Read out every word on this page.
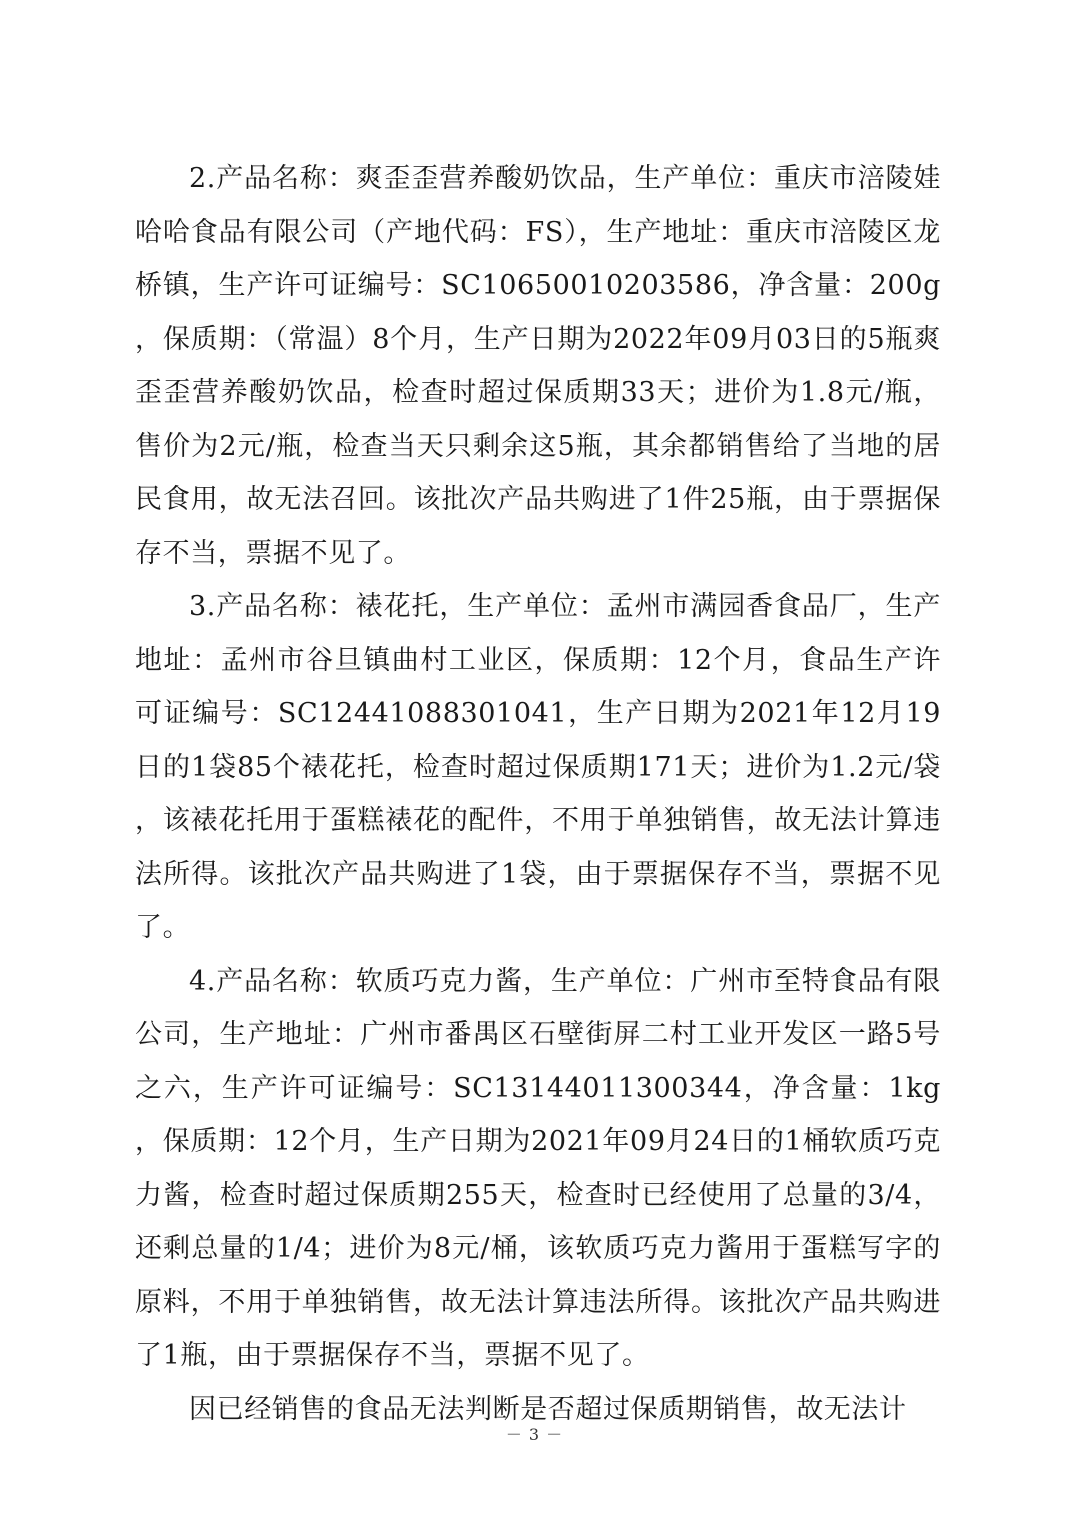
2.产品名称：爽歪歪营养酸奶饮品，生产单位：重庆市涪陵娃哈哈食品有限公司（产地代码：FS），生产地址：重庆市涪陵区龙桥镇，生产许可证编号：SC10650010203586，净含量：200g，保质期：（常温）8个月，生产日期为2022年09月03日的5瓶爽歪歪营养酸奶饮品，检查时超过保质期33天；进价为1.8元/瓶，售价为2元/瓶，检查当天只剩余这5瓶，其余都销售给了当地的居民食用，故无法召回。该批次产品共购进了1件25瓶，由于票据保存不当，票据不见了。

3.产品名称：裱花托，生产单位：孟州市满园香食品厂，生产地址：孟州市谷旦镇曲村工业区，保质期：12个月，食品生产许可证编号：SC12441088301041，生产日期为2021年12月19日的1袋85个裱花托，检查时超过保质期171天；进价为1.2元/袋，该裱花托用于蛋糕裱花的配件，不用于单独销售，故无法计算违法所得。该批次产品共购进了1袋，由于票据保存不当，票据不见了。

4.产品名称：软质巧克力酱，生产单位：广州市至特食品有限公司，生产地址：广州市番禺区石壁街屏二村工业开发区一路5号之六，生产许可证编号：SC13144011300344，净含量：1kg，保质期：12个月，生产日期为2021年09月24日的1桶软质巧克力酱，检查时超过保质期255天，检查时已经使用了总量的3/4，还剩总量的1/4；进价为8元/桶，该软质巧克力酱用于蛋糕写字的原料，不用于单独销售，故无法计算违法所得。该批次产品共购进了1瓶，由于票据保存不当，票据不见了。

因已经销售的食品无法判断是否超过保质期销售，故无法计

－ 3 －
